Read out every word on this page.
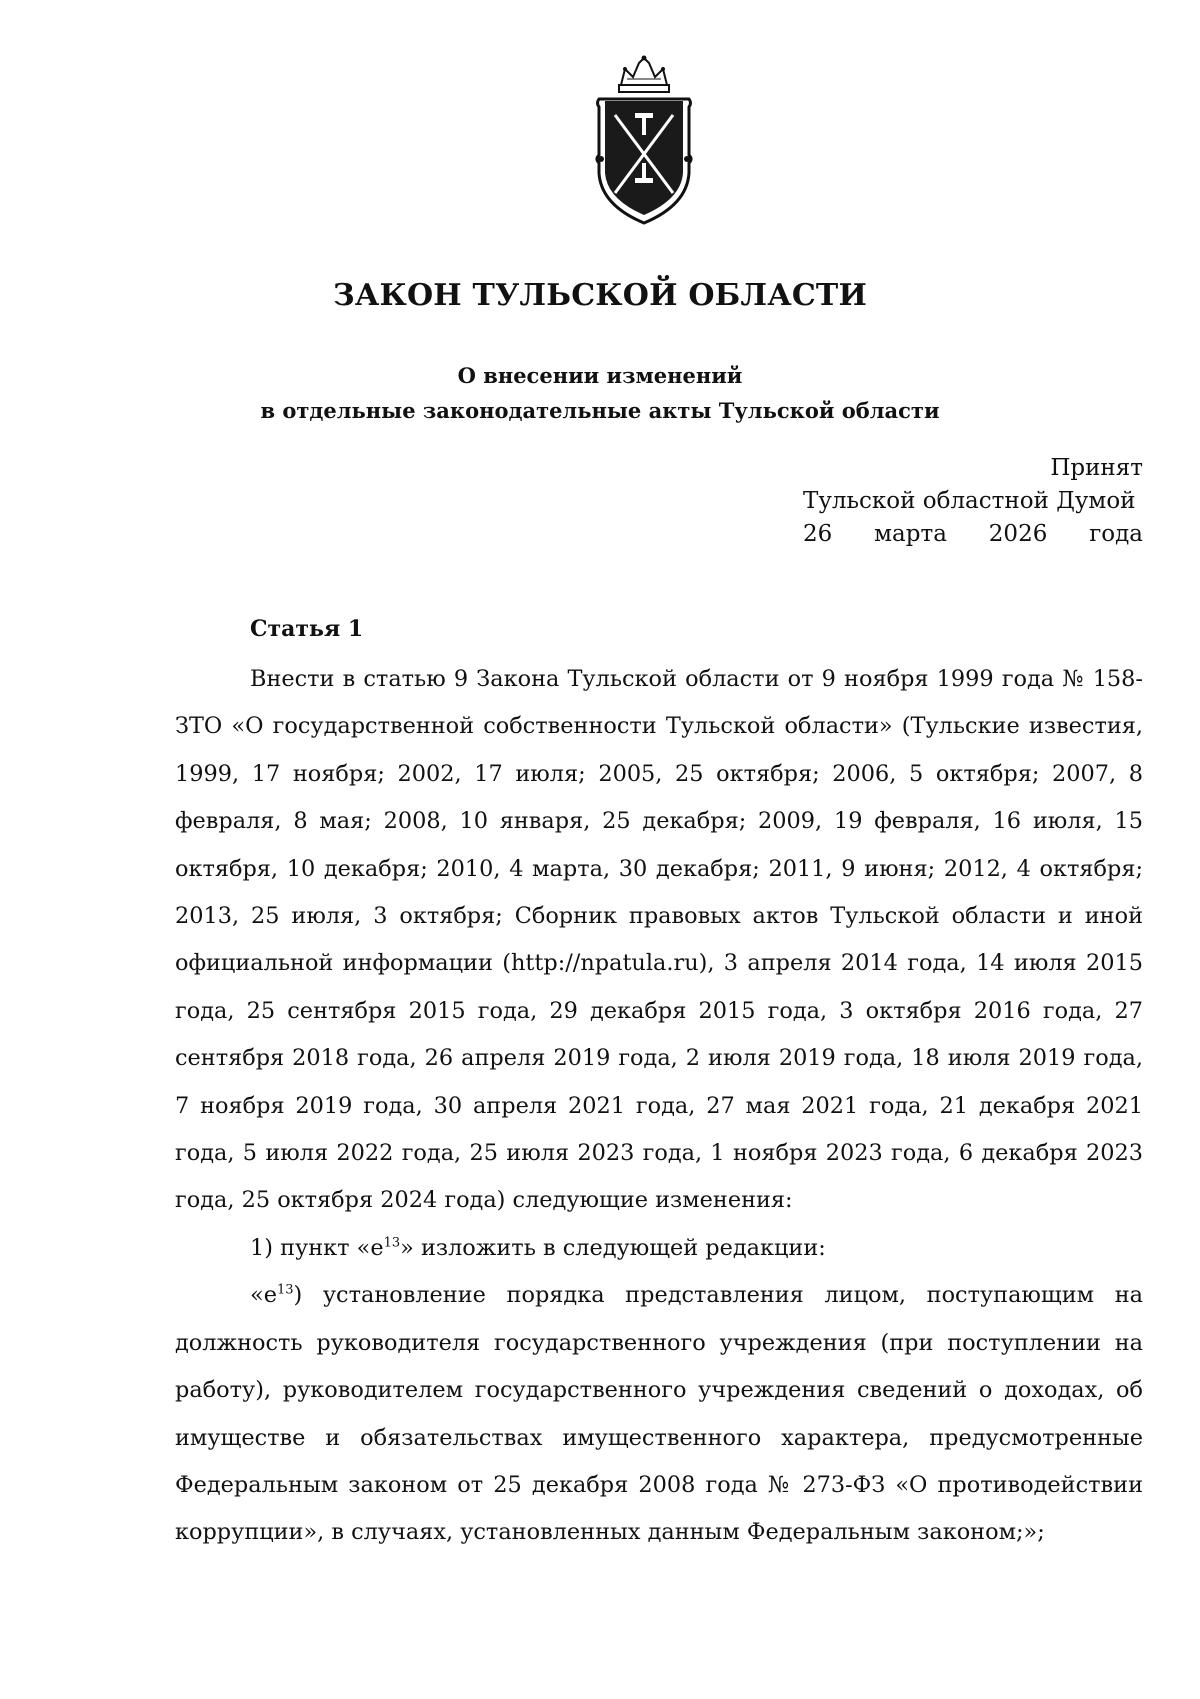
ЗАКОН ТУЛЬСКОЙ ОБЛАСТИ
О внесении изменений
в отдельные законодательные акты Тульской области
Принят
Тульской областной Думой
26 марта 2026 года
Статья 1

Внести в статью 9 Закона Тульской области от 9 ноября 1999 года № 158-ЗТО «О государственной собственности Тульской области» (Тульские известия, 1999, 17 ноября; 2002, 17 июля; 2005, 25 октября; 2006, 5 октября; 2007, 8 февраля, 8 мая; 2008, 10 января, 25 декабря; 2009, 19 февраля, 16 июля, 15 октября, 10 декабря; 2010, 4 марта, 30 декабря; 2011, 9 июня; 2012, 4 октября; 2013, 25 июля, 3 октября; Сборник правовых актов Тульской области и иной официальной информации (http://npatula.ru), 3 апреля 2014 года, 14 июля 2015 года, 25 сентября 2015 года, 29 декабря 2015 года, 3 октября 2016 года, 27 сентября 2018 года, 26 апреля 2019 года, 2 июля 2019 года, 18 июля 2019 года, 7 ноября 2019 года, 30 апреля 2021 года, 27 мая 2021 года, 21 декабря 2021 года, 5 июля 2022 года, 25 июля 2023 года, 1 ноября 2023 года, 6 декабря 2023 года, 25 октября 2024 года) следующие изменения:

1) пункт «$е^{13}$» изложить в следующей редакции:

«$е^{13}$) установление порядка представления лицом, поступающим на должность руководителя государственного учреждения (при поступлении на работу), руководителем государственного учреждения сведений о доходах, об имуществе и обязательствах имущественного характера, предусмотренные Федеральным законом от 25 декабря 2008 года № 273-ФЗ «О противодействии коррупции», в случаях, установленных данным Федеральным законом;»;
